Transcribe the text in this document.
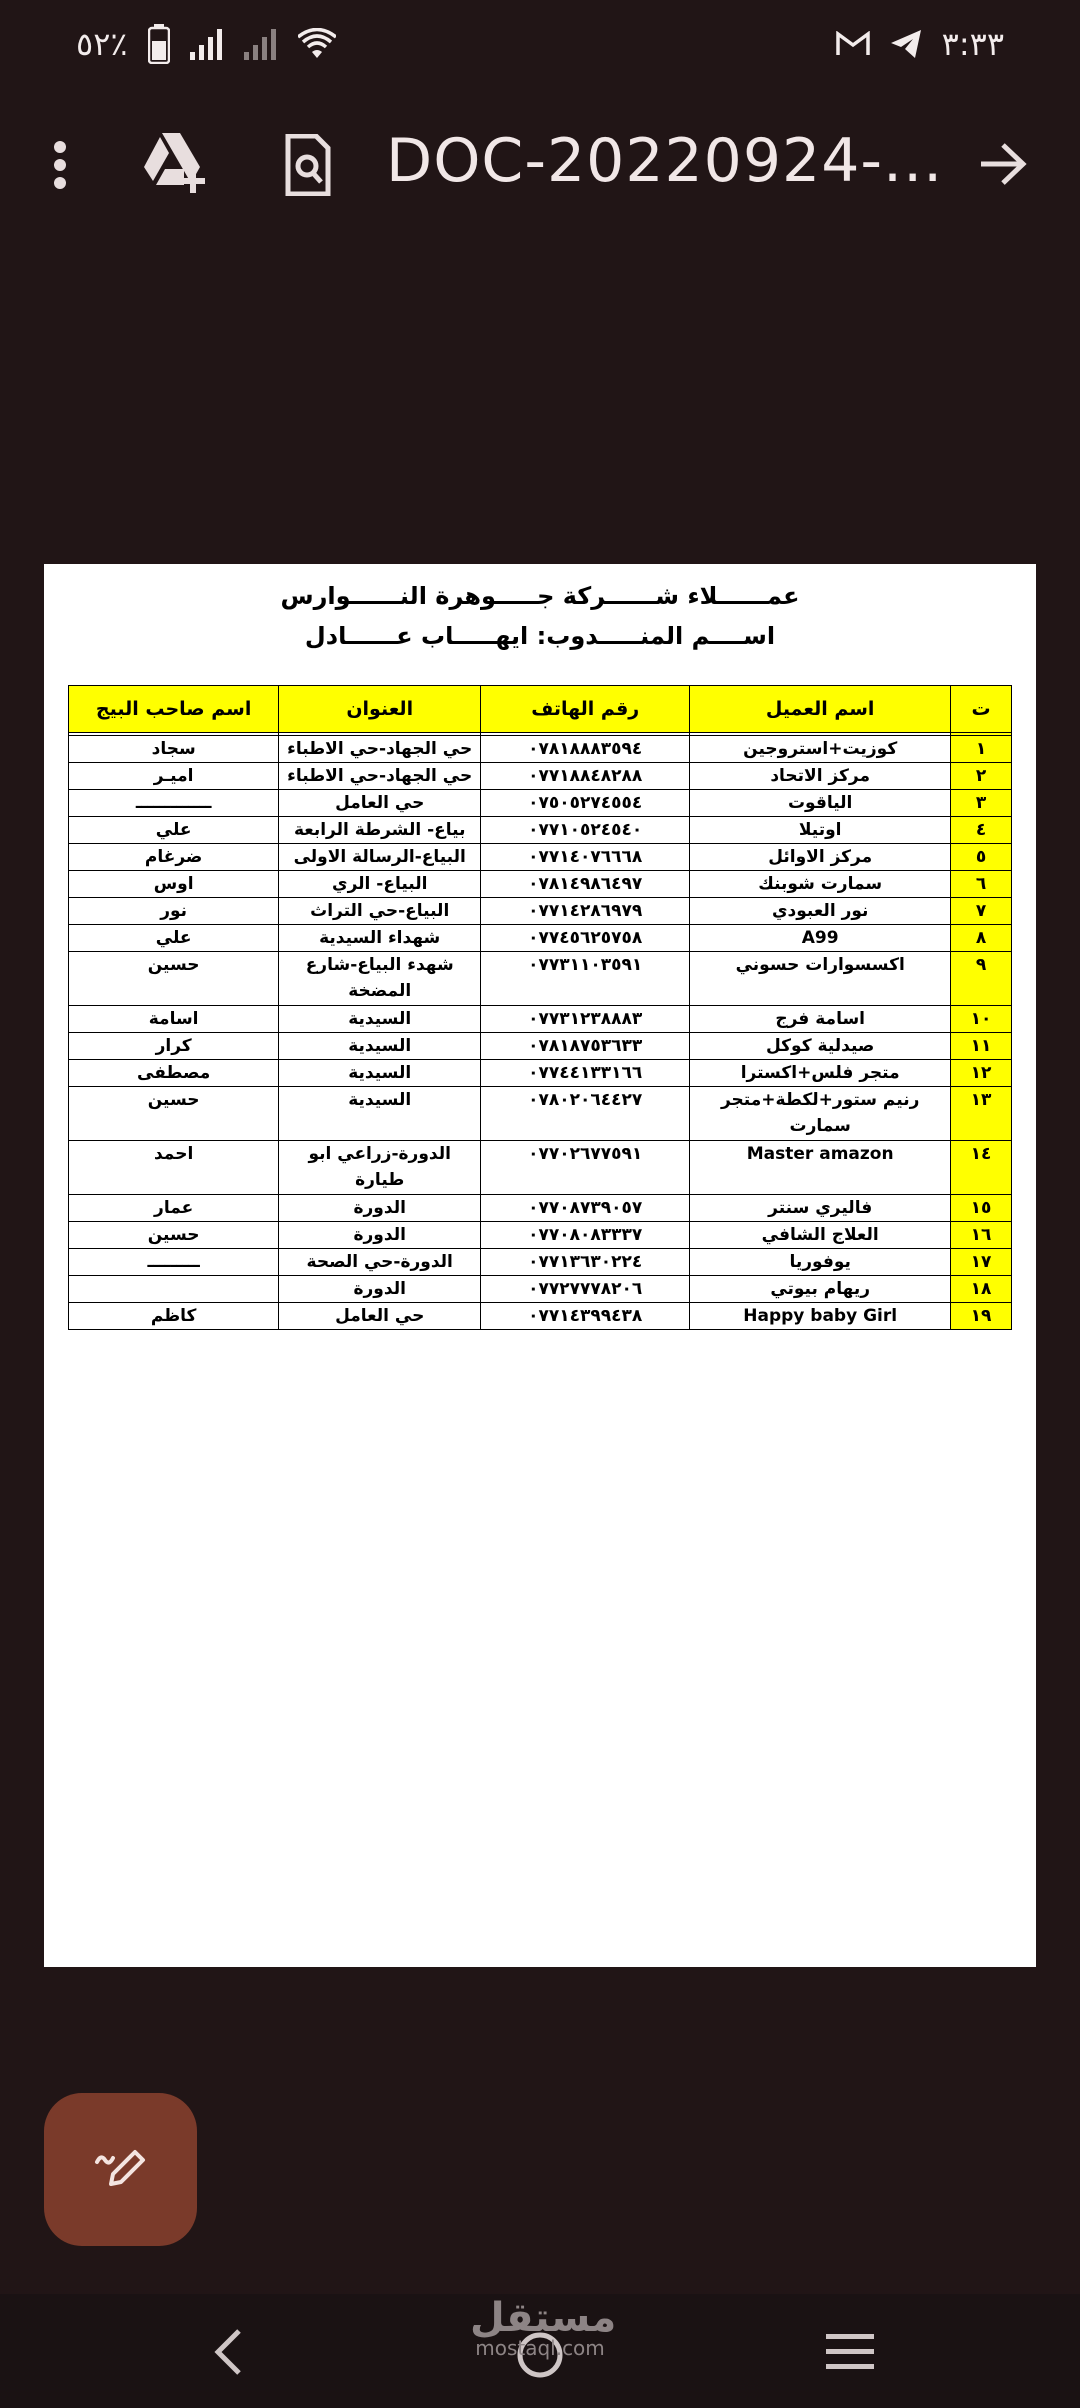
٥٢٪	٣:٣٣
DOC-20220924-...
عمــــــلاء شــــــركة جـــــوهرة النــــــوارس
اســــم المنـــــدوب: ايهـــــاب عــــــادل
ت	اسم العميل	رقم الهاتف	العنوان	اسم صاحب البيج

١	كوزيت+استروجين	٠٧٨١٨٨٨٣٥٩٤	حي الجهاد-حي الاطباء	سجاد
٢	مركز الاتحاد	٠٧٧١٨٨٤٨٢٨٨	حي الجهاد-حي الاطباء	اميـر
٣	الياقوت	٠٧٥٠٥٢٧٤٥٥٤	حي العامل	ـــــــــــــ
٤	اوتيلا	٠٧٧١٠٥٢٤٥٤٠	بياع- الشرطة الرابعة	علي
٥	مركز الاوائل	٠٧٧١٤٠٧٦٦٦٨	البياع-الرسالة الاولى	ضرغام
٦	سمارت شوبنك	٠٧٨١٤٩٨٦٤٩٧	البياع- الري	اوس
٧	نور العبودي	٠٧٧١٤٢٨٦٩٧٩	البياع-حي التراث	نور
٨	A99	٠٧٧٤٥٦٢٥٧٥٨	شهداء السيدية	علي
٩	اكسسوارات حسوني	٠٧٧٣١١٠٣٥٩١	شهدء البياع-شارع المضخة	حسين
١٠	اسامة فرج	٠٧٧٣١٢٣٨٨٨٣	السيدية	اسامة
١١	صيدلية كوكل	٠٧٨١٨٧٥٣٦٣٣	السيدية	كرار
١٢	متجر فلس+اكسترا	٠٧٧٤٤١٣٣١٦٦	السيدية	مصطفى
١٣	رنيم ستور+لكطة+متجر سمارت	٠٧٨٠٢٠٦٤٤٢٧	السيدية	حسين
١٤	Master amazon	٠٧٧٠٢٦٧٧٥٩١	الدورة-زراعي ابو طيارة	احمد
١٥	فاليري سنتر	٠٧٧٠٨٧٣٩٠٥٧	الدورة	عمار
١٦	العلاج الشافي	٠٧٧٠٨٠٨٣٣٣٧	الدورة	حسين
١٧	يوفوريا	٠٧٧١٣٦٣٠٢٢٤	الدورة-حي الصحة	ـــــــــ
١٨	ريهام بيوتي	٠٧٧٢٧٧٧٨٢٠٦	الدورة	
١٩	Happy baby Girl	٠٧٧١٤٣٩٩٤٣٨	حي العامل	كاظم
مستقل
mostaql.com
